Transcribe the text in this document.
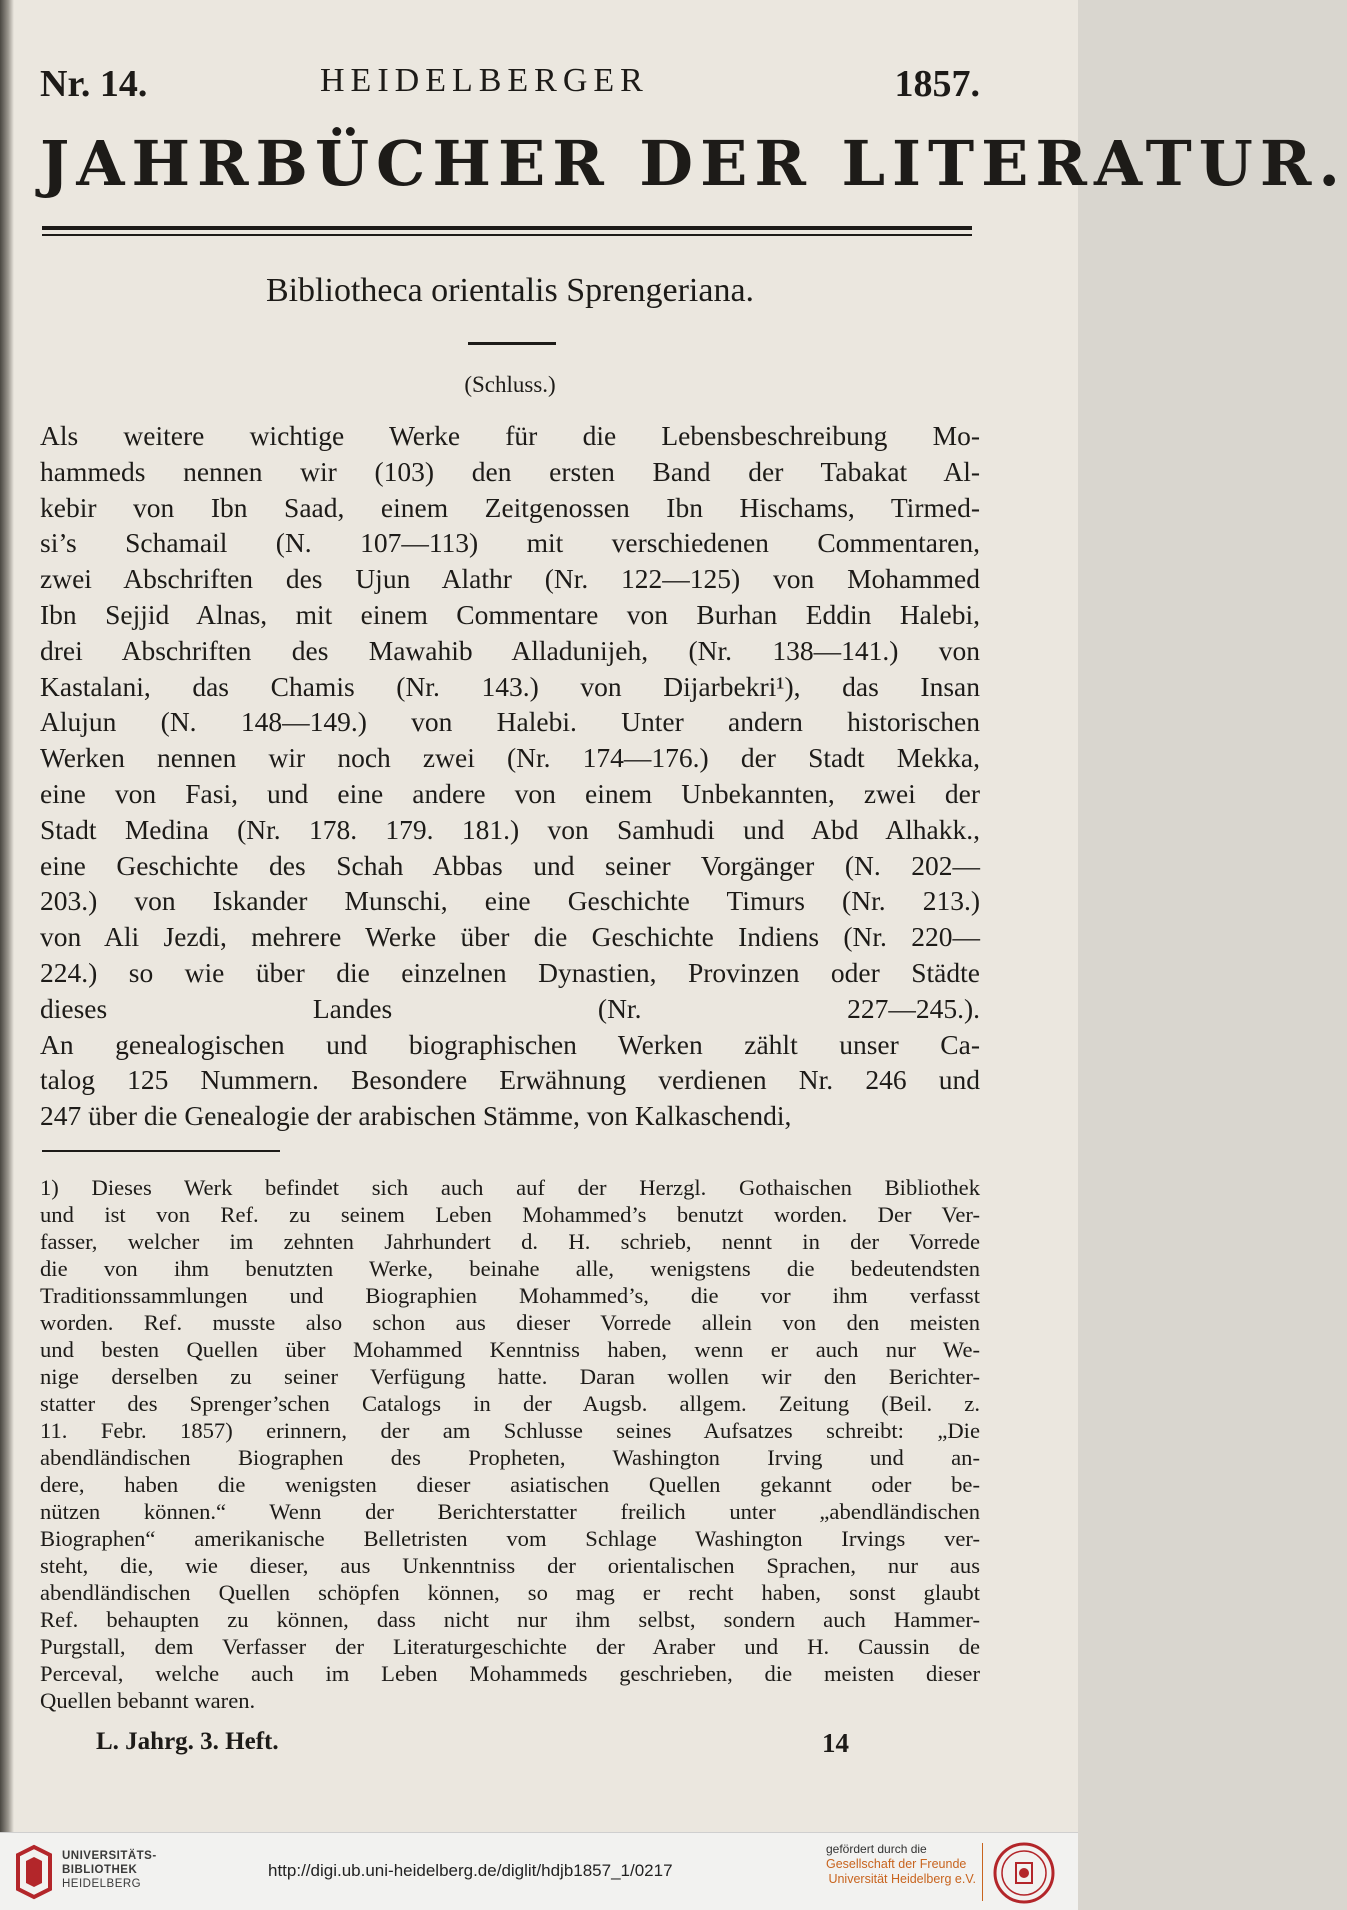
Nr. 14.	HEIDELBERGER	1857.
JAHRBÜCHER DER LITERATUR.
Bibliotheca orientalis Sprengeriana.
(Schluss.)
Als weitere wichtige Werke für die Lebensbeschreibung Mo-
hammeds nennen wir (103) den ersten Band der Tabakat Al-
kebir von Ibn Saad, einem Zeitgenossen Ibn Hischams, Tirmed-
si’s Schamail (N. 107—113) mit verschiedenen Commentaren,
zwei Abschriften des Ujun Alathr (Nr. 122—125) von Mohammed
Ibn Sejjid Alnas, mit einem Commentare von Burhan Eddin Halebi,
drei Abschriften des Mawahib Alladunijeh, (Nr. 138—141.) von
Kastalani, das Chamis (Nr. 143.) von Dijarbekri¹), das Insan
Alujun (N. 148—149.) von Halebi. Unter andern historischen
Werken nennen wir noch zwei (Nr. 174—176.) der Stadt Mekka,
eine von Fasi, und eine andere von einem Unbekannten, zwei der
Stadt Medina (Nr. 178. 179. 181.) von Samhudi und Abd Alhakk.,
eine Geschichte des Schah Abbas und seiner Vorgänger (N. 202—
203.) von Iskander Munschi, eine Geschichte Timurs (Nr. 213.)
von Ali Jezdi, mehrere Werke über die Geschichte Indiens (Nr. 220—
224.) so wie über die einzelnen Dynastien, Provinzen oder Städte
dieses Landes (Nr. 227—245.).
An genealogischen und biographischen Werken zählt unser Ca-
talog 125 Nummern. Besondere Erwähnung verdienen Nr. 246 und
247 über die Genealogie der arabischen Stämme, von Kalkaschendi,
1) Dieses Werk befindet sich auch auf der Herzgl. Gothaischen Bibliothek
und ist von Ref. zu seinem Leben Mohammed’s benutzt worden. Der Ver-
fasser, welcher im zehnten Jahrhundert d. H. schrieb, nennt in der Vorrede
die von ihm benutzten Werke, beinahe alle, wenigstens die bedeutendsten
Traditionssammlungen und Biographien Mohammed’s, die vor ihm verfasst
worden. Ref. musste also schon aus dieser Vorrede allein von den meisten
und besten Quellen über Mohammed Kenntniss haben, wenn er auch nur We-
nige derselben zu seiner Verfügung hatte. Daran wollen wir den Berichter-
statter des Sprenger’schen Catalogs in der Augsb. allgem. Zeitung (Beil. z.
11. Febr. 1857) erinnern, der am Schlusse seines Aufsatzes schreibt: „Die
abendländischen Biographen des Propheten, Washington Irving und an-
dere, haben die wenigsten dieser asiatischen Quellen gekannt oder be-
nützen können.“ Wenn der Berichterstatter freilich unter „abendländischen
Biographen“ amerikanische Belletristen vom Schlage Washington Irvings ver-
steht, die, wie dieser, aus Unkenntniss der orientalischen Sprachen, nur aus
abendländischen Quellen schöpfen können, so mag er recht haben, sonst glaubt
Ref. behaupten zu können, dass nicht nur ihm selbst, sondern auch Hammer-
Purgstall, dem Verfasser der Literaturgeschichte der Araber und H. Caussin de
Perceval, welche auch im Leben Mohammeds geschrieben, die meisten dieser
Quellen bebannt waren.
L. Jahrg. 3. Heft.	14
UNIVERSITÄTS-
BIBLIOTHEK
HEIDELBERG
http://digi.ub.uni-heidelberg.de/diglit/hdjb1857_1/0217
gefördert durch die
Gesellschaft der Freunde
Universität Heidelberg e.V.
